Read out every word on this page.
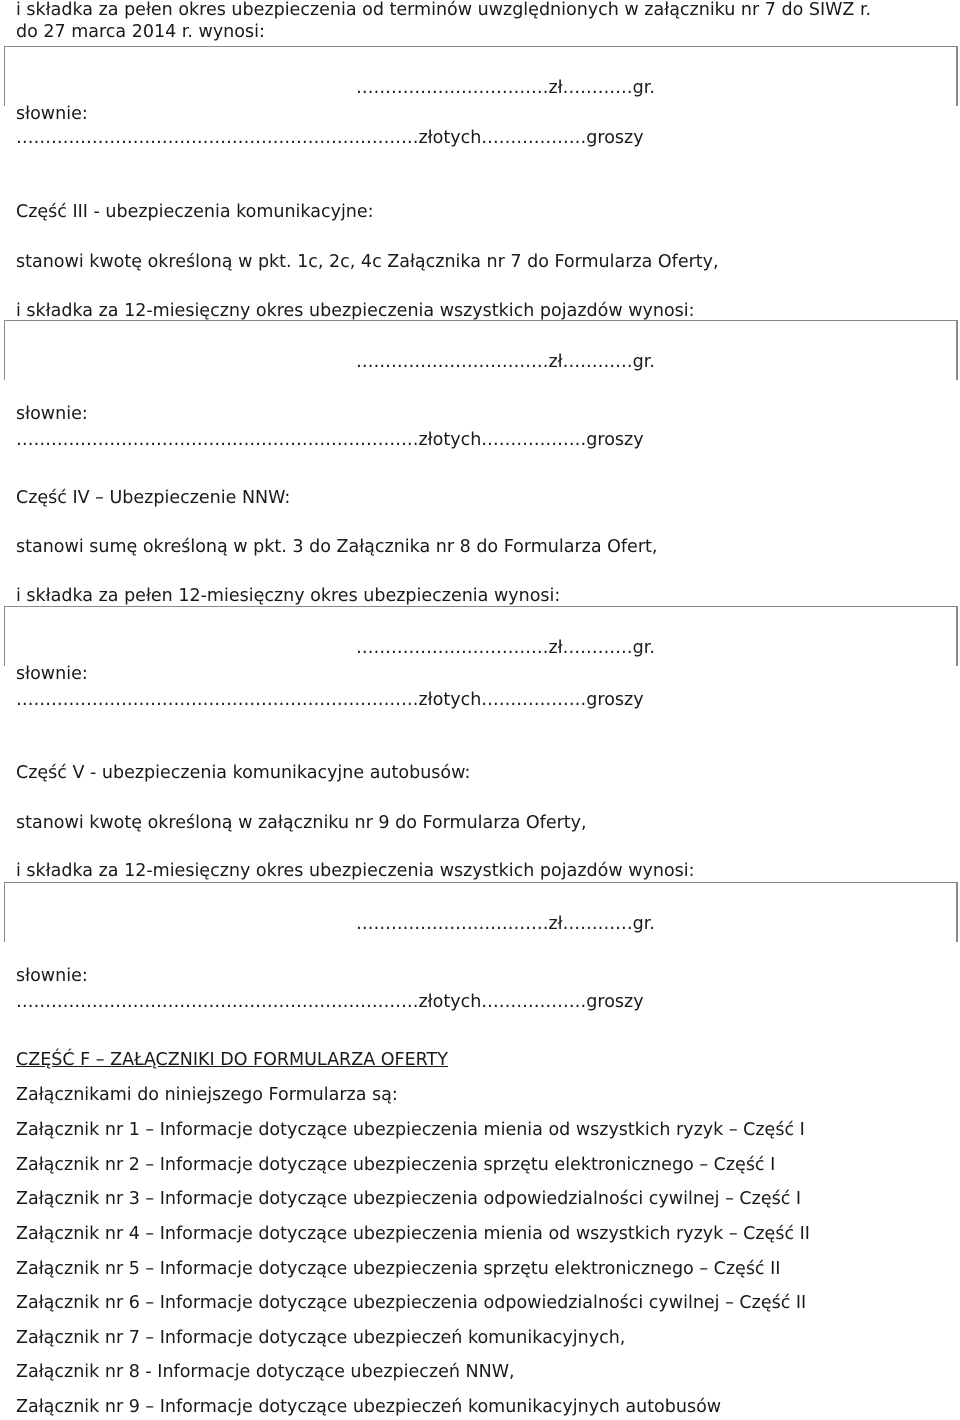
i składka za pełen okres ubezpieczenia od terminów uwzględnionych w załączniku nr 7 do SIWZ r.
do 27 marca 2014 r. wynosi:
……………………………zł…………gr.
słownie:
……………………………………………………………złotych………………groszy
Część III - ubezpieczenia komunikacyjne:
stanowi kwotę określoną w pkt. 1c, 2c, 4c Załącznika nr 7 do Formularza Oferty,
i składka za 12-miesięczny okres ubezpieczenia wszystkich pojazdów wynosi:
……………………………zł…………gr.
słownie:
……………………………………………………………złotych………………groszy
Część IV – Ubezpieczenie NNW:
stanowi sumę określoną w pkt. 3 do Załącznika nr 8 do Formularza Ofert,
i składka za pełen 12-miesięczny okres ubezpieczenia wynosi:
……………………………zł…………gr.
słownie:
……………………………………………………………złotych………………groszy
Część V - ubezpieczenia komunikacyjne autobusów:
stanowi kwotę określoną w załączniku nr 9 do Formularza Oferty,
i składka za 12-miesięczny okres ubezpieczenia wszystkich pojazdów wynosi:
……………………………zł…………gr.
słownie:
……………………………………………………………złotych………………groszy
CZĘŚĆ F – ZAŁĄCZNIKI DO FORMULARZA OFERTY
Załącznikami do niniejszego Formularza są:
Załącznik nr 1 – Informacje dotyczące ubezpieczenia mienia od wszystkich ryzyk – Część I
Załącznik nr 2 – Informacje dotyczące ubezpieczenia sprzętu elektronicznego – Część I
Załącznik nr 3 – Informacje dotyczące ubezpieczenia odpowiedzialności cywilnej – Część I
Załącznik nr 4 – Informacje dotyczące ubezpieczenia mienia od wszystkich ryzyk – Część II
Załącznik nr 5 – Informacje dotyczące ubezpieczenia sprzętu elektronicznego – Część II
Załącznik nr 6 – Informacje dotyczące ubezpieczenia odpowiedzialności cywilnej – Część II
Załącznik nr 7 – Informacje dotyczące ubezpieczeń komunikacyjnych,
Załącznik nr 8 - Informacje dotyczące ubezpieczeń NNW,
Załącznik nr 9 – Informacje dotyczące ubezpieczeń komunikacyjnych autobusów
